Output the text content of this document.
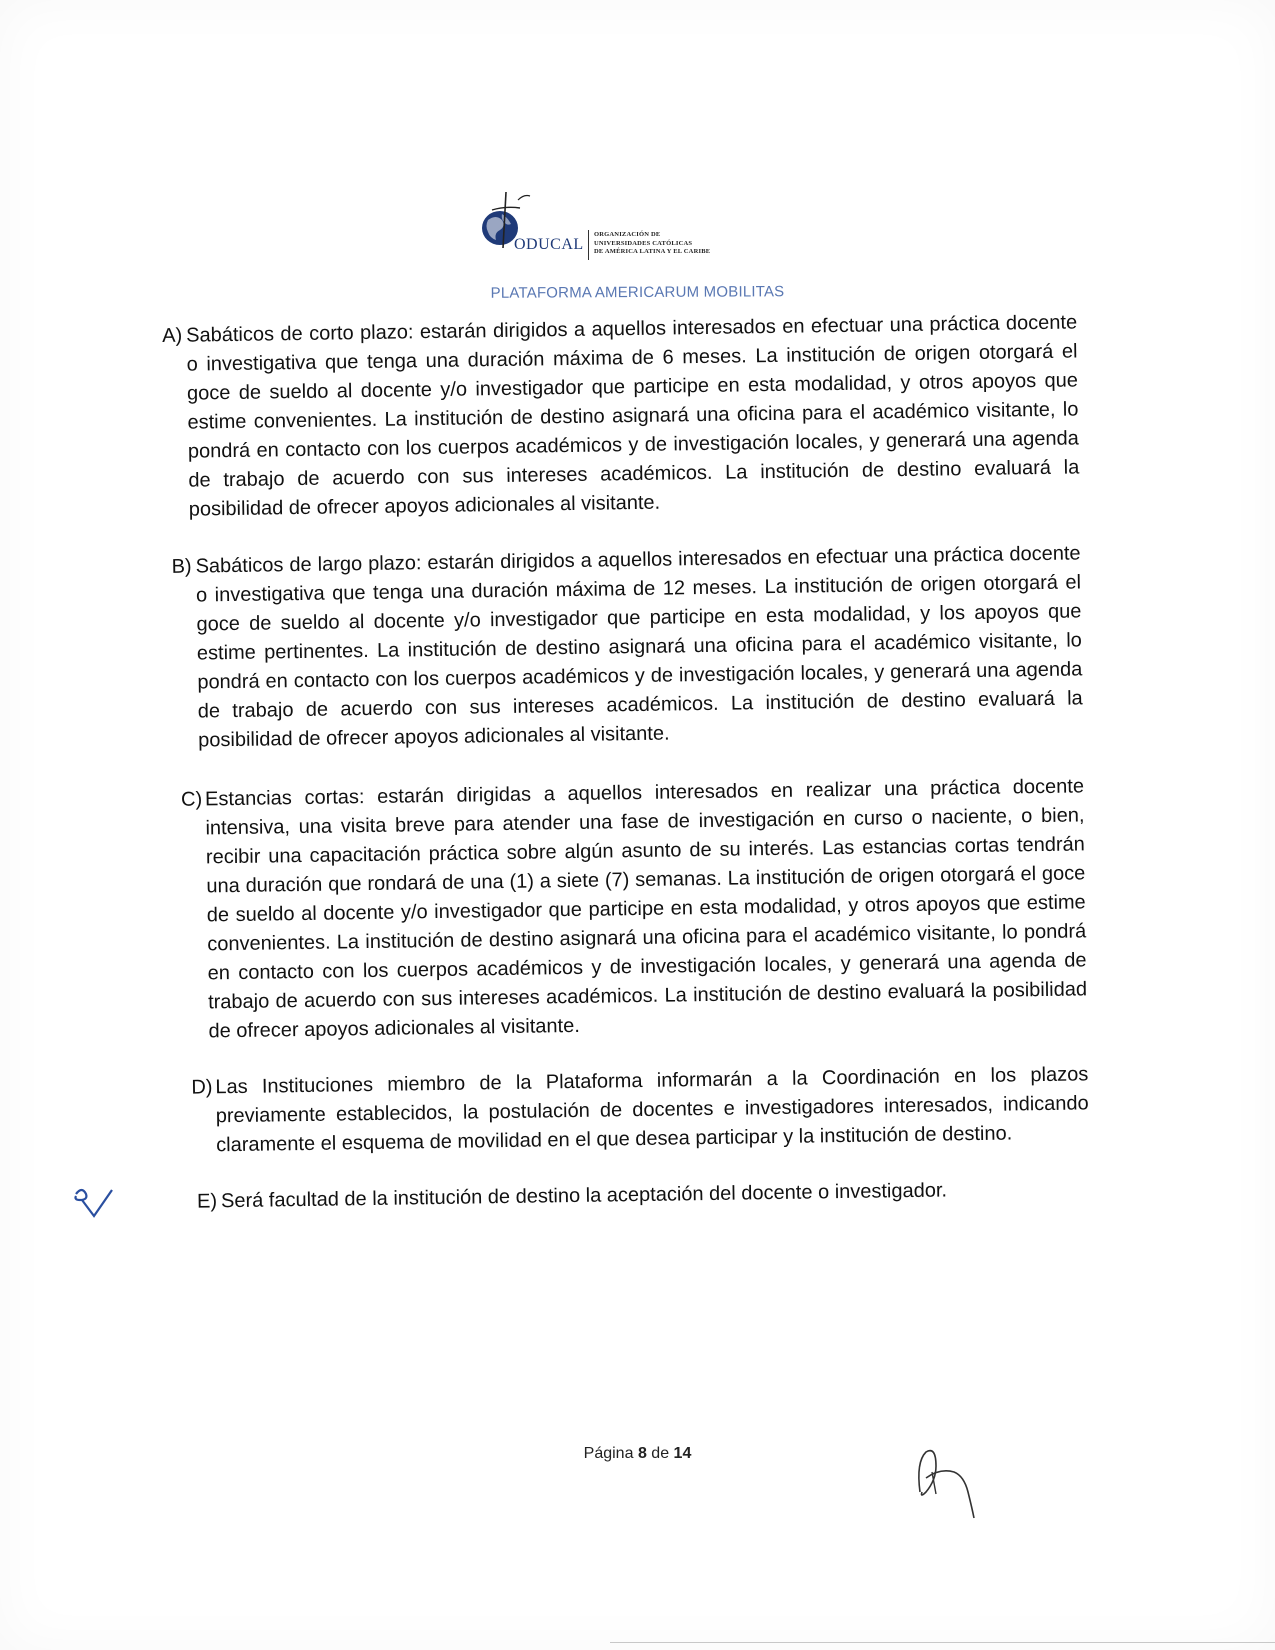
ODUCAL
ORGANIZACIÓN DE
UNIVERSIDADES CATÓLICAS
DE AMÉRICA LATINA Y EL CARIBE
PLATAFORMA AMERICARUM MOBILITAS
A) Sabáticos de corto plazo: estarán dirigidos a aquellos interesados en efectuar una práctica docente o investigativa que tenga una duración máxima de 6 meses. La institución de origen otorgará el goce de sueldo al docente y/o investigador que participe en esta modalidad, y otros apoyos que estime convenientes. La institución de destino asignará una oficina para el académico visitante, lo pondrá en contacto con los cuerpos académicos y de investigación locales, y generará una agenda de trabajo de acuerdo con sus intereses académicos. La institución de destino evaluará la posibilidad de ofrecer apoyos adicionales al visitante.
B) Sabáticos de largo plazo: estarán dirigidos a aquellos interesados en efectuar una práctica docente o investigativa que tenga una duración máxima de 12 meses. La institución de origen otorgará el goce de sueldo al docente y/o investigador que participe en esta modalidad, y los apoyos que estime pertinentes. La institución de destino asignará una oficina para el académico visitante, lo pondrá en contacto con los cuerpos académicos y de investigación locales, y generará una agenda de trabajo de acuerdo con sus intereses académicos. La institución de destino evaluará la posibilidad de ofrecer apoyos adicionales al visitante.
C) Estancias cortas: estarán dirigidas a aquellos interesados en realizar una práctica docente intensiva, una visita breve para atender una fase de investigación en curso o naciente, o bien, recibir una capacitación práctica sobre algún asunto de su interés. Las estancias cortas tendrán una duración que rondará de una (1) a siete (7) semanas. La institución de origen otorgará el goce de sueldo al docente y/o investigador que participe en esta modalidad, y otros apoyos que estime convenientes. La institución de destino asignará una oficina para el académico visitante, lo pondrá en contacto con los cuerpos académicos y de investigación locales, y generará una agenda de trabajo de acuerdo con sus intereses académicos. La institución de destino evaluará la posibilidad de ofrecer apoyos adicionales al visitante.
D) Las Instituciones miembro de la Plataforma informarán a la Coordinación en los plazos previamente establecidos, la postulación de docentes e investigadores interesados, indicando claramente el esquema de movilidad en el que desea participar y la institución de destino.
E) Será facultad de la institución de destino la aceptación del docente o investigador.
Página 8 de 14
